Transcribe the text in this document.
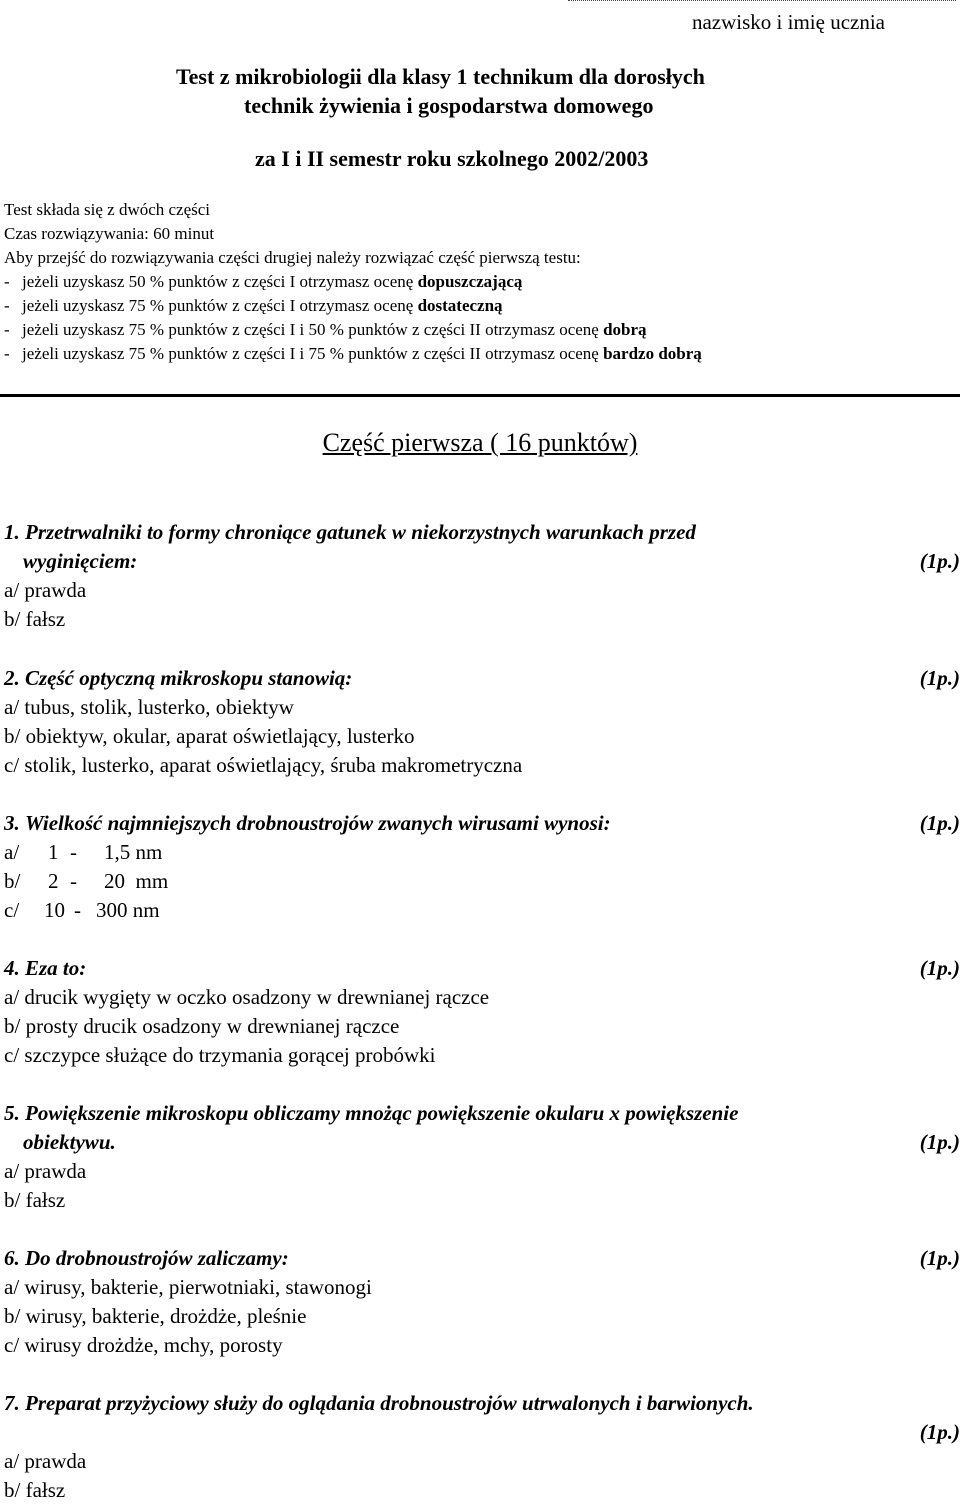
nazwisko i imię ucznia
Test z mikrobiologii dla klasy 1 technikum dla dorosłych
technik żywienia i gospodarstwa domowego
za I i II semestr roku szkolnego 2002/2003
Test składa się z dwóch części
Czas rozwiązywania: 60 minut
Aby przejść do rozwiązywania części drugiej należy rozwiązać część pierwszą testu:
- jeżeli uzyskasz 50 % punktów z części I otrzymasz ocenę dopuszczającą
- jeżeli uzyskasz 75 % punktów z części I otrzymasz ocenę dostateczną
- jeżeli uzyskasz 75 % punktów z części I i 50 % punktów z części II otrzymasz ocenę dobrą
- jeżeli uzyskasz 75 % punktów z części I i 75 % punktów z części II otrzymasz ocenę bardzo dobrą
Część pierwsza ( 16 punktów)
1. Przetrwalniki to formy chroniące gatunek w niekorzystnych warunkach przed
wyginięciem:	(1p.)
a/ prawda
b/ fałsz
2. Część optyczną mikroskopu stanowią:	(1p.)
a/ tubus, stolik, lusterko, obiektyw
b/ obiektyw, okular, aparat oświetlający, lusterko
c/ stolik, lusterko, aparat oświetlający, śruba makrometryczna
3. Wielkość najmniejszych drobnoustrojów zwanych wirusami wynosi:	(1p.)
a/ 1 - 1,5 nm
b/ 2 - 20  mm
c/ 10 - 300 nm
4. Eza to:	(1p.)
a/ drucik wygięty w oczko osadzony w drewnianej rączce
b/ prosty drucik osadzony w drewnianej rączce
c/ szczypce służące do trzymania gorącej probówki
5. Powiększenie mikroskopu obliczamy mnożąc powiększenie okularu x powiększenie
obiektywu.	(1p.)
a/ prawda
b/ fałsz
6. Do drobnoustrojów zaliczamy:	(1p.)
a/ wirusy, bakterie, pierwotniaki, stawonogi
b/ wirusy, bakterie, drożdże, pleśnie
c/ wirusy drożdże, mchy, porosty
7. Preparat przyżyciowy służy do oglądania drobnoustrojów utrwalonych i barwionych.
(1p.)
a/ prawda
b/ fałsz
